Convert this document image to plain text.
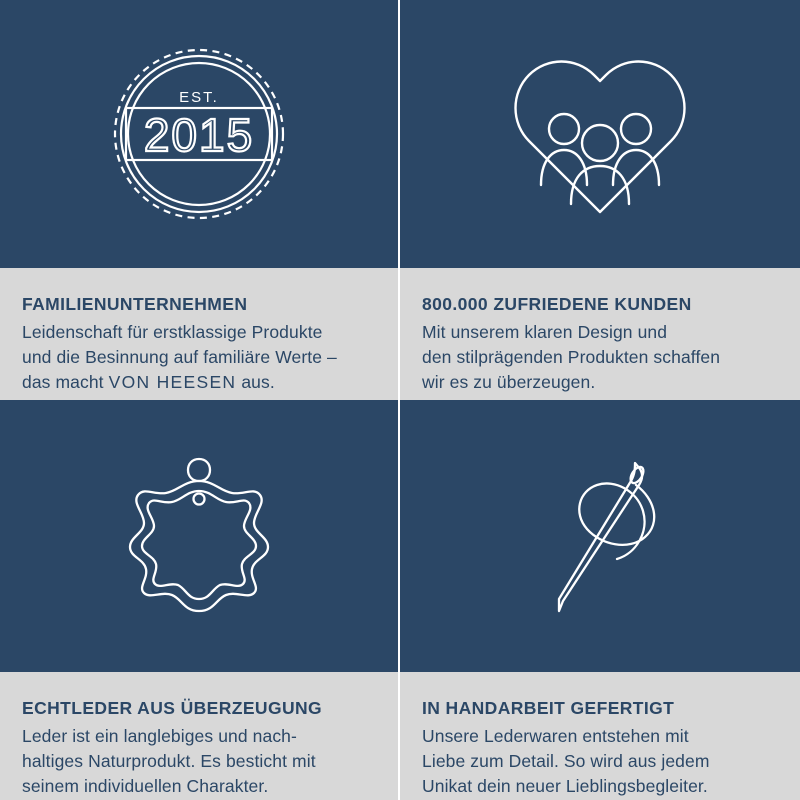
EST.
2015

FAMILIENUNTERNEHMEN

Leidenschaft für erstklassige Produkte
und die Besinnung auf familiäre Werte –
das macht VON HEESEN aus.

800.000 ZUFRIEDENE KUNDEN

Mit unserem klaren Design und
den stilprägenden Produkten schaffen
wir es zu überzeugen.

ECHTLEDER AUS ÜBERZEUGUNG

Leder ist ein langlebiges und nach-
haltiges Naturprodukt. Es besticht mit
seinem individuellen Charakter.

IN HANDARBEIT GEFERTIGT

Unsere Lederwaren entstehen mit
Liebe zum Detail. So wird aus jedem
Unikat dein neuer Lieblingsbegleiter.
